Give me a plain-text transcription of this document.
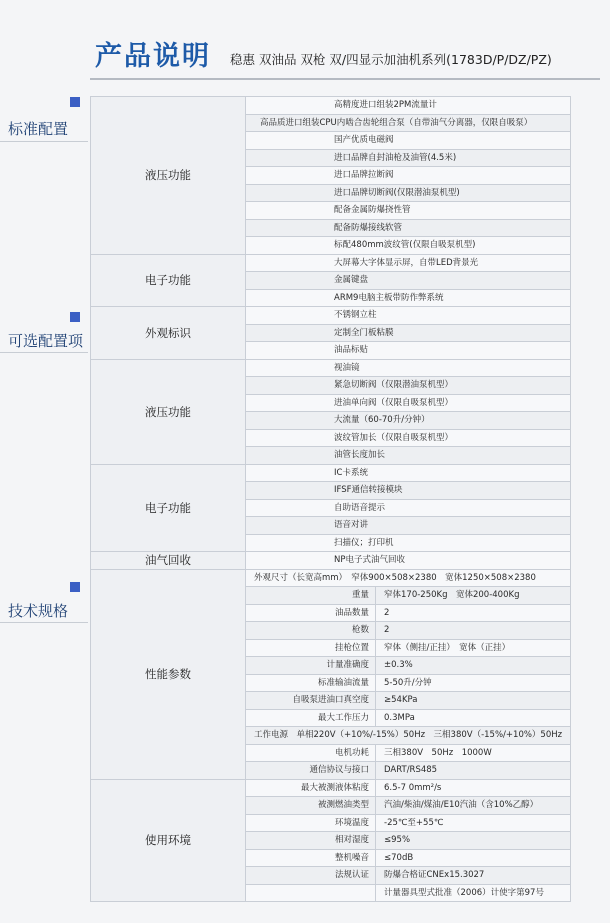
产品说明 稳惠 双油品 双枪 双/四显示加油机系列(1783D/P/DZ/PZ)
标准配置
可选配置项
技术规格
液压功能	高精度进口组装2PM流量计	
	高品质进口组装CPU内啮合齿轮组合泵（自带油气分离器，仅限自吸泵）	
	国产优质电磁阀	
	进口品牌自封油枪及油管(4.5米)	
	进口品牌拉断阀	
	进口品牌切断阀(仅限潜油泵机型)	
	配备金属防爆挠性管	
	配备防爆接线软管	
	标配480mm波纹管(仅限自吸泵机型)	
电子功能	大屏幕大字体显示屏，自带LED背景光	
	金属键盘	
	ARM9电脑主板带防作弊系统	
外观标识	不锈钢立柱	
	定制全门板粘膜	
	油品标贴	
液压功能	视油镜	
	紧急切断阀（仅限潜油泵机型）	
	进油单向阀（仅限自吸泵机型）	
	大流量（60-70升/分钟）	
	波纹管加长（仅限自吸泵机型）	
	油管长度加长	
电子功能	IC卡系统	
	IFSF通信转接模块	
	自助语音提示	
	语音对讲	
	扫描仪；打印机	
油气回收	NP电子式油气回收	
性能参数	外观尺寸（长宽高mm）　窄体900×508×2380　宽体1250×508×2380	
	重量	窄体170-250Kg　宽体200-400Kg
	油品数量	2
	枪数	2
	挂枪位置	窄体（侧挂/正挂）　宽体（正挂）
	计量准确度	±0.3%
	标准输油流量	5-50升/分钟
	自吸泵进油口真空度	≥54KPa
	最大工作压力	0.3MPa
	工作电源　单相220V（+10%/-15%）50Hz　三相380V（-15%/+10%）50Hz	
	电机功耗	三相380V　50Hz　1000W
	通信协议与接口	DART/RS485
使用环境	最大被测液体粘度	6.5-7 0mm²/s
	被测燃油类型	汽油/柴油/煤油/E10汽油（含10%乙醇）
	环境温度	-25℃至+55℃
	相对湿度	≤95%
	整机噪音	≤70dB
	法规认证	防爆合格证CNEx15.3027
		计量器具型式批准（2006）计使字第97号
